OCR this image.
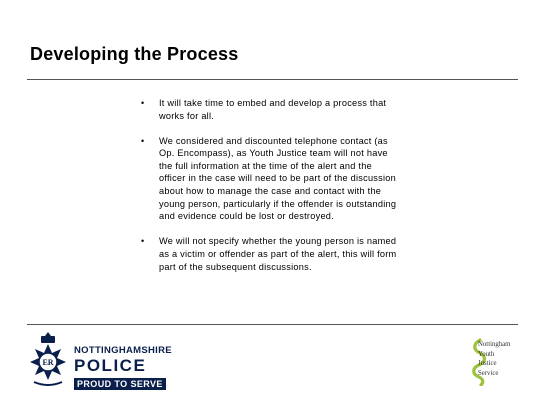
Developing the Process
• It will take time to embed and develop a process that works for all.
• We considered and discounted telephone contact (as Op. Encompass), as Youth Justice team will not have the full information at the time of the alert and the officer in the case will need to be part of the discussion about how to manage the case and contact with the young person, particularly if the offender is outstanding and evidence could be lost or destroyed.
• We will not specify whether the young person is named as a victim or offender as part of the alert, this will form part of the subsequent discussions.
ER
NOTTINGHAMSHIRE
POLICE
PROUD TO SERVE
Nottingham
Youth
Justice
Service
